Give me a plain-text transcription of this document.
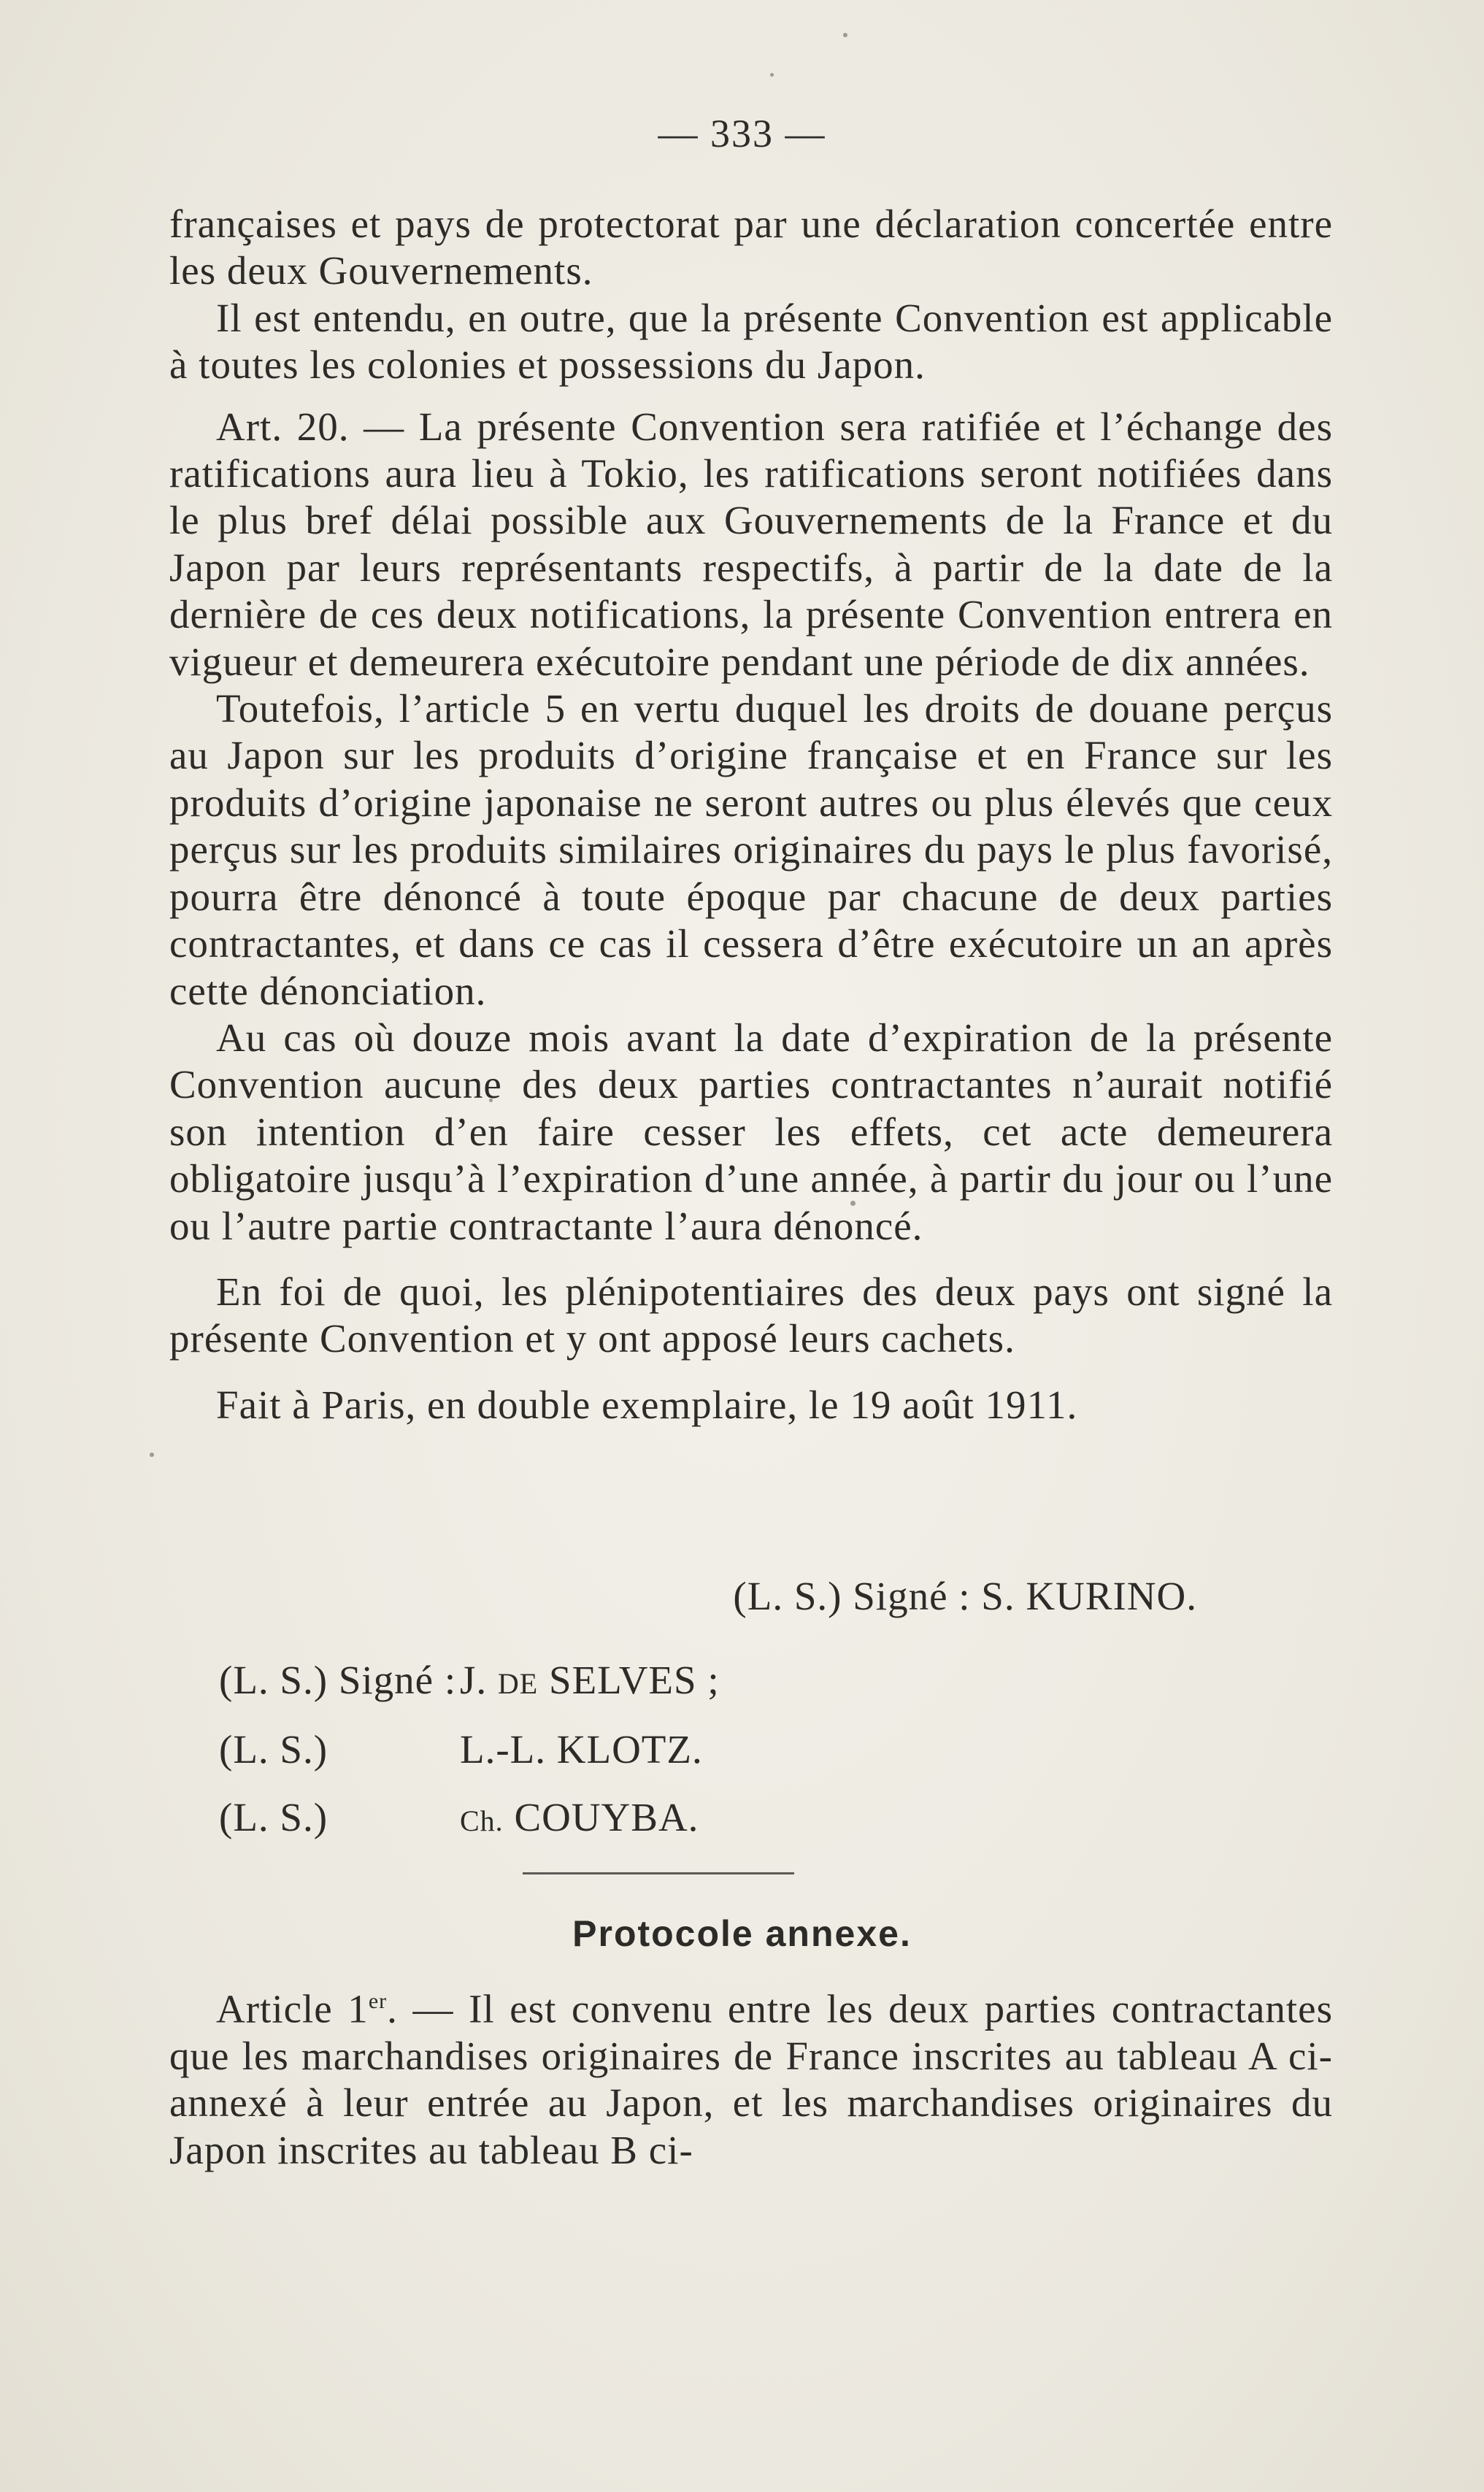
— 333 —

françaises et pays de protectorat par une déclaration concertée entre les deux Gouvernements.

Il est entendu, en outre, que la présente Convention est applicable à toutes les colonies et possessions du Japon.

Art. 20. — La présente Convention sera ratifiée et l’échange des ratifications aura lieu à Tokio, les ratifications seront notifiées dans le plus bref délai possible aux Gouvernements de la France et du Japon par leurs représentants respectifs, à partir de la date de la dernière de ces deux notifications, la présente Convention entrera en vigueur et demeurera exécutoire pendant une période de dix années.

Toutefois, l’article 5 en vertu duquel les droits de douane perçus au Japon sur les produits d’origine française et en France sur les produits d’origine japonaise ne seront autres ou plus élevés que ceux perçus sur les produits similaires originaires du pays le plus favorisé, pourra être dénoncé à toute époque par chacune de deux parties contractantes, et dans ce cas il cessera d’être exécutoire un an après cette dénonciation.

Au cas où douze mois avant la date d’expiration de la présente Convention aucune des deux parties contractantes n’aurait notifié son intention d’en faire cesser les effets, cet acte demeurera obligatoire jusqu’à l’expiration d’une année, à partir du jour ou l’une ou l’autre partie contractante l’aura dénoncé.

En foi de quoi, les plénipotentiaires des deux pays ont signé la présente Convention et y ont apposé leurs cachets.

Fait à Paris, en double exemplaire, le 19 août 1911.

(L. S.) Signé : S. KURINO.
(L. S.) Signé :J. DE SELVES ;
(L. S.)	L.-L. KLOTZ.
(L. S.)	Ch. COUYBA.
Protocole annexe.

Article 1er. — Il est convenu entre les deux parties contractantes que les marchandises originaires de France inscrites au tableau A ci-annexé à leur entrée au Japon, et les marchandises originaires du Japon inscrites au tableau B ci-
